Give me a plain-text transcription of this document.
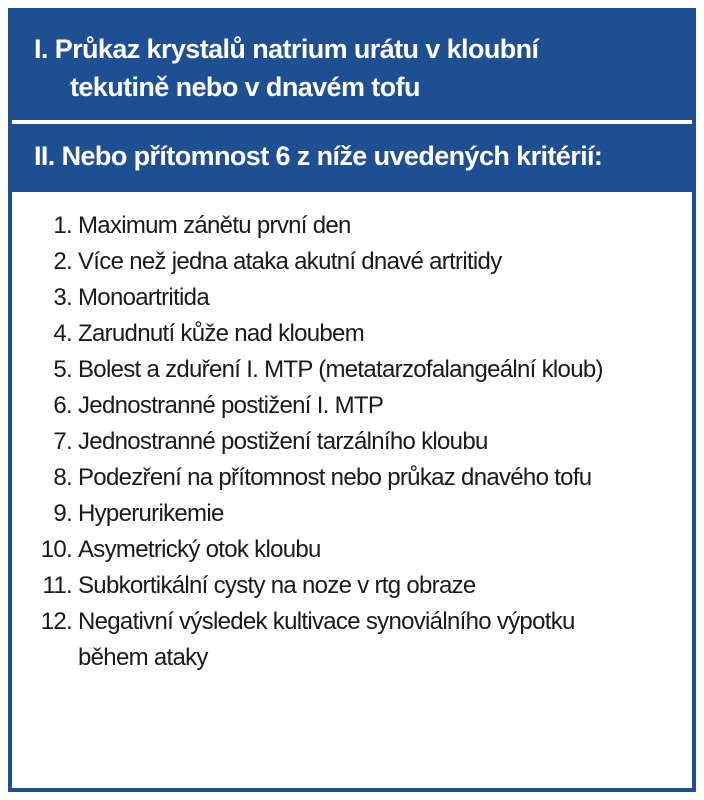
I. Průkaz krystalů natrium urátu v kloubní
tekutině nebo v dnavém tofu
II. Nebo přítomnost 6 z níže uvedených kritérií:
1. Maximum zánětu první den
2. Více než jedna ataka akutní dnavé artritidy
3. Monoartritida
4. Zarudnutí kůže nad kloubem
5. Bolest a zduření I. MTP (metatarzofalangeální kloub)
6. Jednostranné postižení I. MTP
7. Jednostranné postižení tarzálního kloubu
8. Podezření na přítomnost nebo průkaz dnavého tofu
9. Hyperurikemie
10. Asymetrický otok kloubu
11. Subkortikální cysty na noze v rtg obraze
12. Negativní výsledek kultivace synoviálního výpotku
během ataky
